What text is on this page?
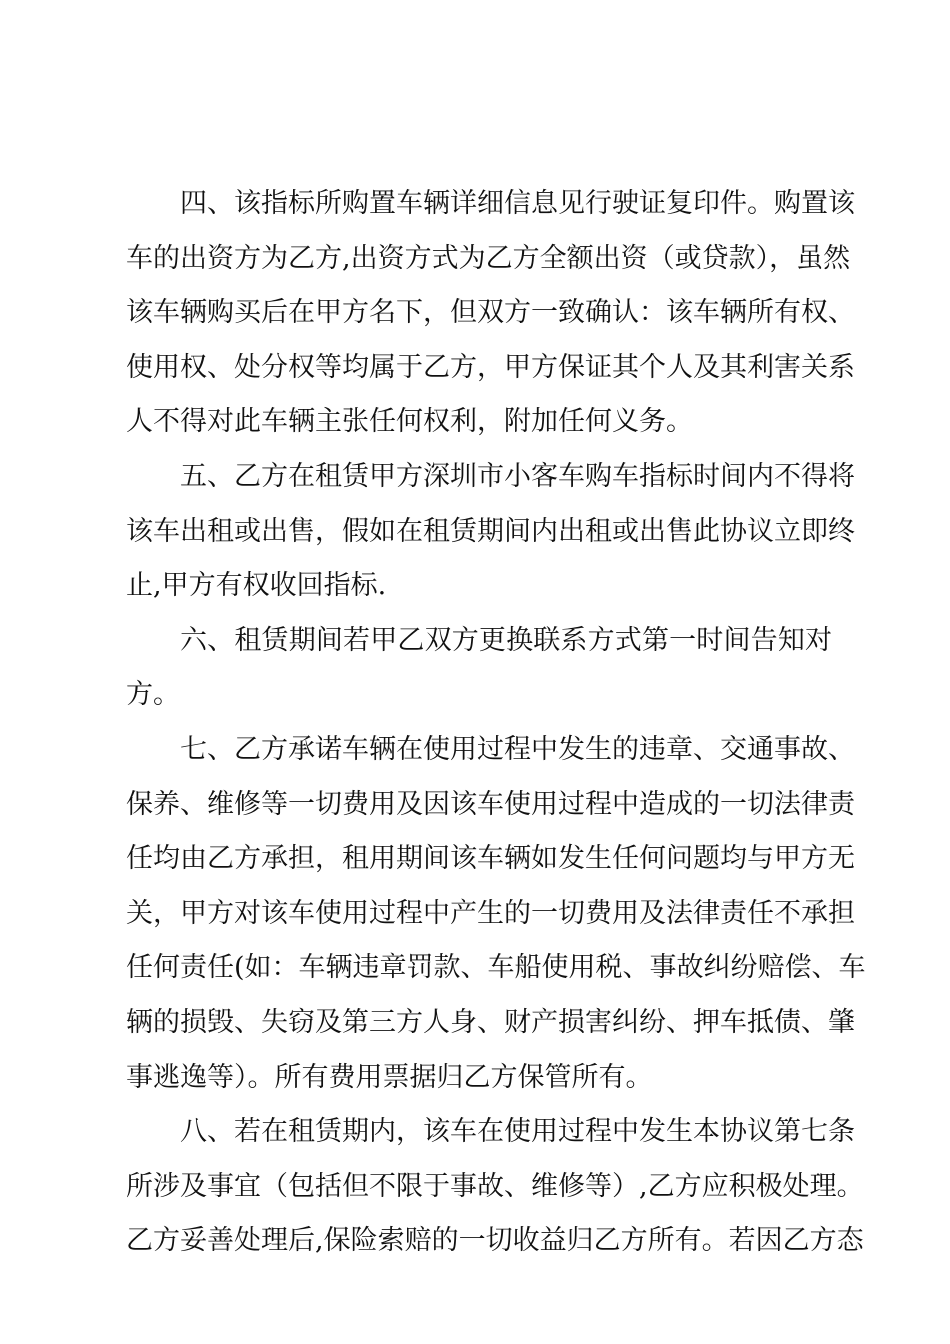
四、该指标所购置车辆详细信息见行驶证复印件。购置该
车的出资方为乙方,出资方式为乙方全额出资（或贷款），虽然
该车辆购买后在甲方名下，但双方一致确认：该车辆所有权、
使用权、处分权等均属于乙方，甲方保证其个人及其利害关系
人不得对此车辆主张任何权利，附加任何义务。
五、乙方在租赁甲方深圳市小客车购车指标时间内不得将
该车出租或出售，假如在租赁期间内出租或出售此协议立即终
止,甲方有权收回指标.
六、租赁期间若甲乙双方更换联系方式第一时间告知对
方。
七、乙方承诺车辆在使用过程中发生的违章、交通事故、
保养、维修等一切费用及因该车使用过程中造成的一切法律责
任均由乙方承担，租用期间该车辆如发生任何问题均与甲方无
关，甲方对该车使用过程中产生的一切费用及法律责任不承担
任何责任(如：车辆违章罚款、车船使用税、事故纠纷赔偿、车
辆的损毁、失窃及第三方人身、财产损害纠纷、押车抵债、肇
事逃逸等）。所有费用票据归乙方保管所有。
八、若在租赁期内，该车在使用过程中发生本协议第七条
所涉及事宜（包括但不限于事故、维修等）,乙方应积极处理。
乙方妥善处理后,保险索赔的一切收益归乙方所有。若因乙方态
